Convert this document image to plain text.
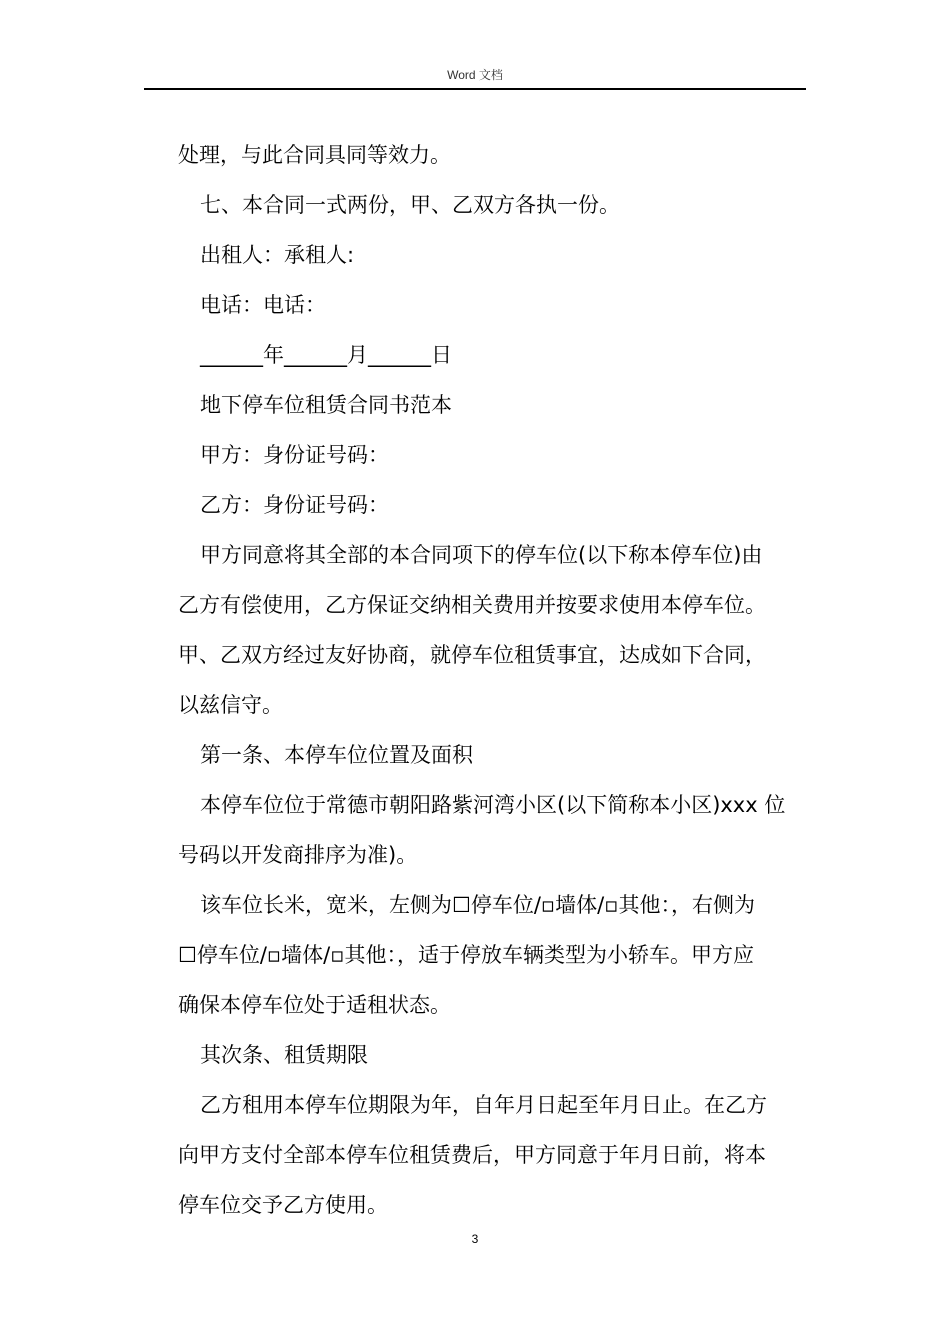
Word 文档
处理，与此合同具同等效力。
七、本合同一式两份，甲、乙双方各执一份。
出租人：承租人:
电话：电话：
______年______月______日
地下停车位租赁合同书范本
甲方：身份证号码：
乙方：身份证号码：
甲方同意将其全部的本合同项下的停车位(以下称本停车位)由
乙方有偿使用，乙方保证交纳相关费用并按要求使用本停车位。
甲、乙双方经过友好协商，就停车位租赁事宜，达成如下合同，
以兹信守。
第一条、本停车位位置及面积
本停车位位于常德市朝阳路紫河湾小区(以下简称本小区)xxx 位
号码以开发商排序为准)。
该车位长米，宽米，左侧为☐停车位/▫墙体/▫其他：，右侧为
☐停车位/▫墙体/▫其他：，适于停放车辆类型为小轿车。甲方应
确保本停车位处于适租状态。
其次条、租赁期限
乙方租用本停车位期限为年，自年月日起至年月日止。在乙方
向甲方支付全部本停车位租赁费后，甲方同意于年月日前，将本
停车位交予乙方使用。
3
